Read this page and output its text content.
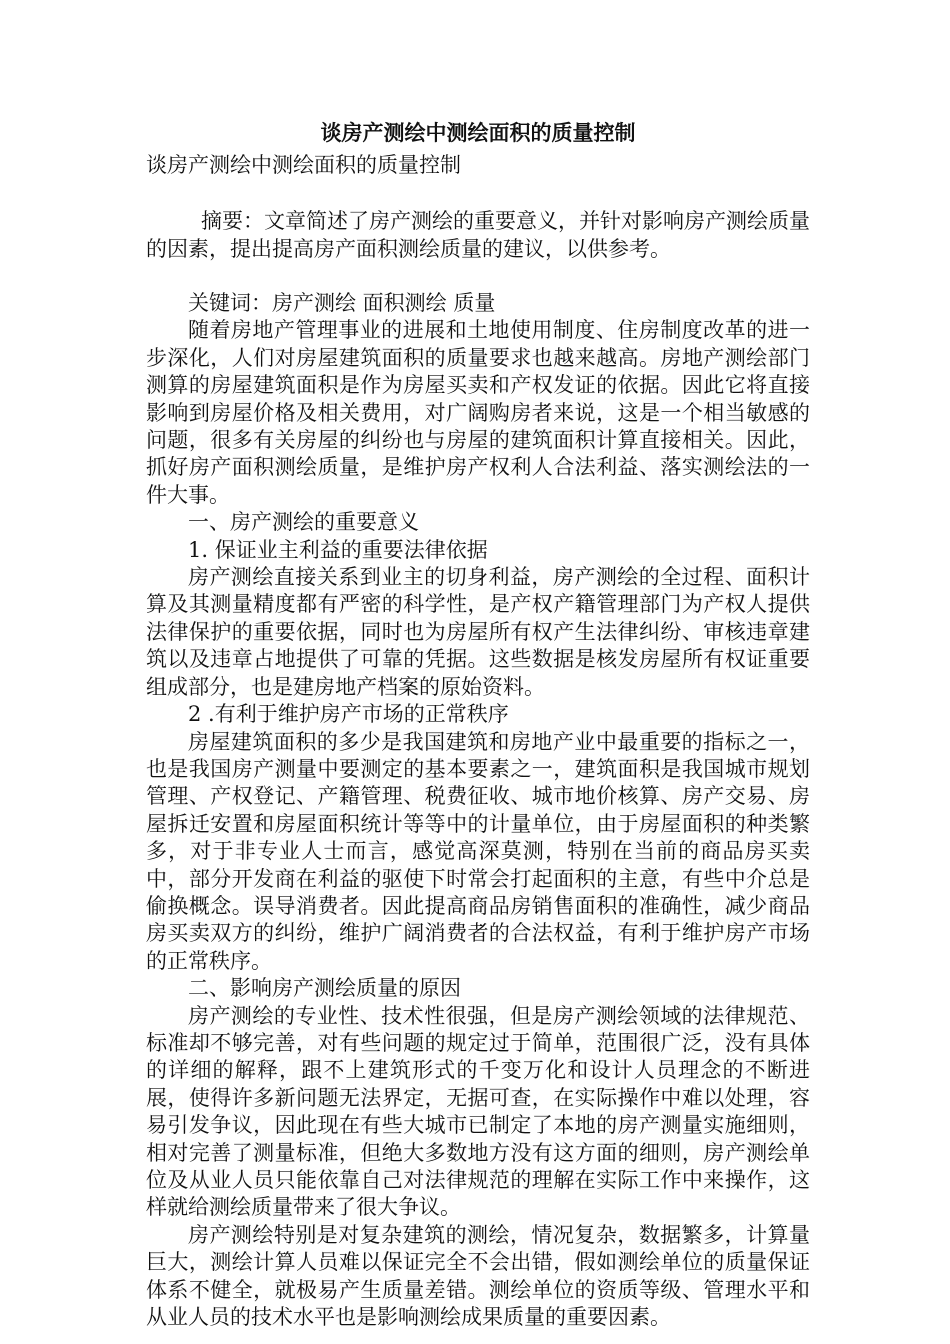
谈房产测绘中测绘面积的质量控制
谈房产测绘中测绘面积的质量控制

摘要：文章简述了房产测绘的重要意义，并针对影响房产测绘质量的因素，提出提高房产面积测绘质量的建议，以供参考。

关键词：房产测绘 面积测绘 质量

随着房地产管理事业的进展和土地使用制度、住房制度改革的进一步深化，人们对房屋建筑面积的质量要求也越来越高。房地产测绘部门测算的房屋建筑面积是作为房屋买卖和产权发证的依据。因此它将直接影响到房屋价格及相关费用，对广阔购房者来说，这是一个相当敏感的问题，很多有关房屋的纠纷也与房屋的建筑面积计算直接相关。因此，抓好房产面积测绘质量，是维护房产权利人合法利益、落实测绘法的一件大事。

一、房产测绘的重要意义

1. 保证业主利益的重要法律依据

房产测绘直接关系到业主的切身利益，房产测绘的全过程、面积计算及其测量精度都有严密的科学性，是产权产籍管理部门为产权人提供法律保护的重要依据，同时也为房屋所有权产生法律纠纷、审核违章建筑以及违章占地提供了可靠的凭据。这些数据是核发房屋所有权证重要组成部分，也是建房地产档案的原始资料。

2 .有利于维护房产市场的正常秩序

房屋建筑面积的多少是我国建筑和房地产业中最重要的指标之一，也是我国房产测量中要测定的基本要素之一，建筑面积是我国城市规划管理、产权登记、产籍管理、税费征收、城市地价核算、房产交易、房屋拆迁安置和房屋面积统计等等中的计量单位，由于房屋面积的种类繁多，对于非专业人士而言，感觉高深莫测，特别在当前的商品房买卖中，部分开发商在利益的驱使下时常会打起面积的主意，有些中介总是偷换概念。误导消费者。因此提高商品房销售面积的准确性，减少商品房买卖双方的纠纷，维护广阔消费者的合法权益，有利于维护房产市场的正常秩序。

二、影响房产测绘质量的原因

房产测绘的专业性、技术性很强，但是房产测绘领域的法律规范、标准却不够完善，对有些问题的规定过于简单，范围很广泛，没有具体的详细的解释，跟不上建筑形式的千变万化和设计人员理念的不断进展，使得许多新问题无法界定，无据可查，在实际操作中难以处理，容易引发争议，因此现在有些大城市已制定了本地的房产测量实施细则，相对完善了测量标准，但绝大多数地方没有这方面的细则，房产测绘单位及从业人员只能依靠自己对法律规范的理解在实际工作中来操作，这样就给测绘质量带来了很大争议。

房产测绘特别是对复杂建筑的测绘，情况复杂，数据繁多，计算量巨大，测绘计算人员难以保证完全不会出错，假如测绘单位的质量保证体系不健全，就极易产生质量差错。测绘单位的资质等级、管理水平和从业人员的技术水平也是影响测绘成果质量的重要因素。
